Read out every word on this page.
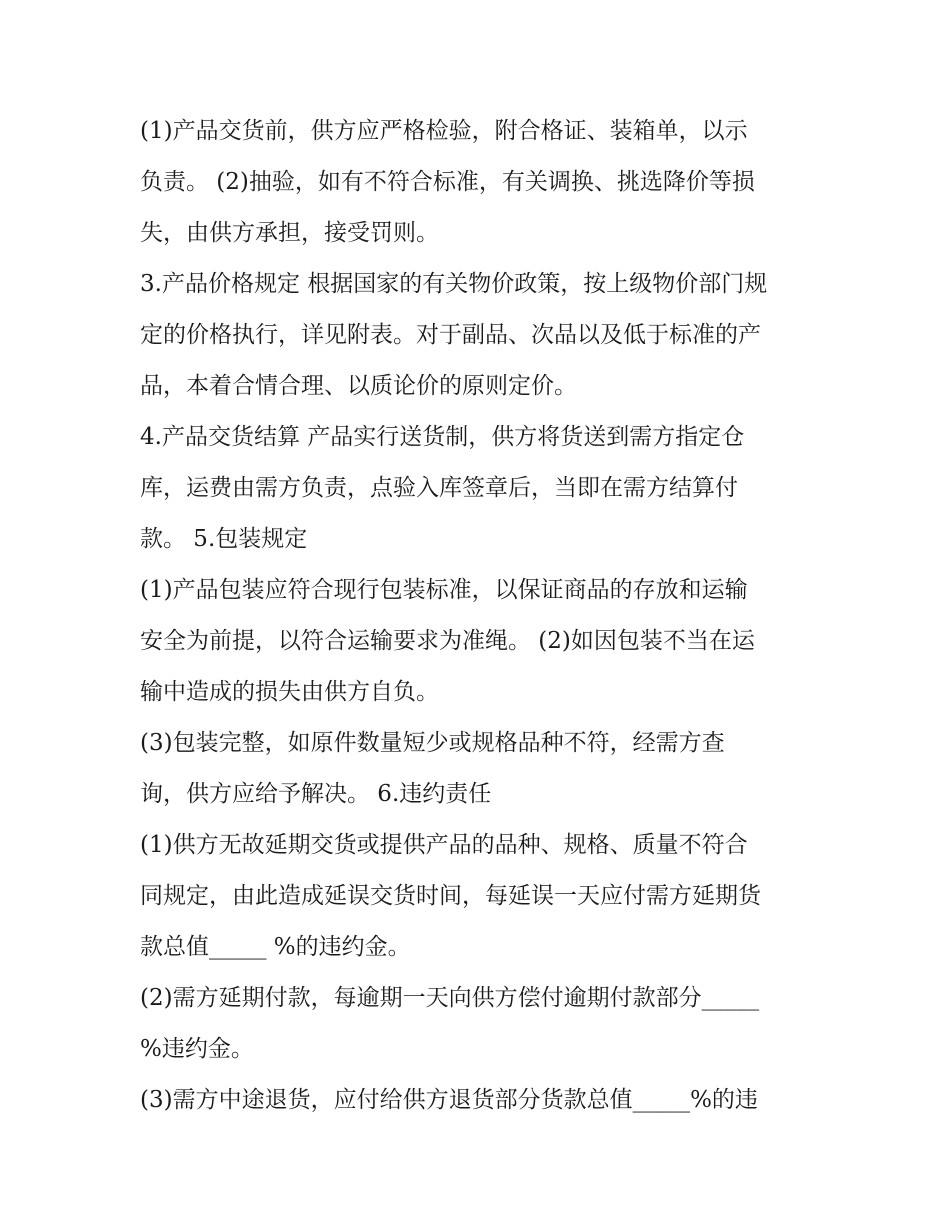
(1)产品交货前，供方应严格检验，附合格证、装箱单，以示
负责。 (2)抽验，如有不符合标准，有关调换、挑选降价等损
失，由供方承担，接受罚则。
3.产品价格规定 根据国家的有关物价政策，按上级物价部门规
定的价格执行，详见附表。对于副品、次品以及低于标准的产
品，本着合情合理、以质论价的原则定价。
4.产品交货结算 产品实行送货制，供方将货送到需方指定仓
库，运费由需方负责，点验入库签章后，当即在需方结算付
款。 5.包装规定
(1)产品包装应符合现行包装标准，以保证商品的存放和运输
安全为前提，以符合运输要求为准绳。 (2)如因包装不当在运
输中造成的损失由供方自负。
(3)包装完整，如原件数量短少或规格品种不符，经需方查
询，供方应给予解决。 6.违约责任
(1)供方无故延期交货或提供产品的品种、规格、质量不符合
同规定，由此造成延误交货时间，每延误一天应付需方延期货
款总值_____ %的违约金。
(2)需方延期付款，每逾期一天向供方偿付逾期付款部分_____
%违约金。
(3)需方中途退货，应付给供方退货部分货款总值_____%的违
